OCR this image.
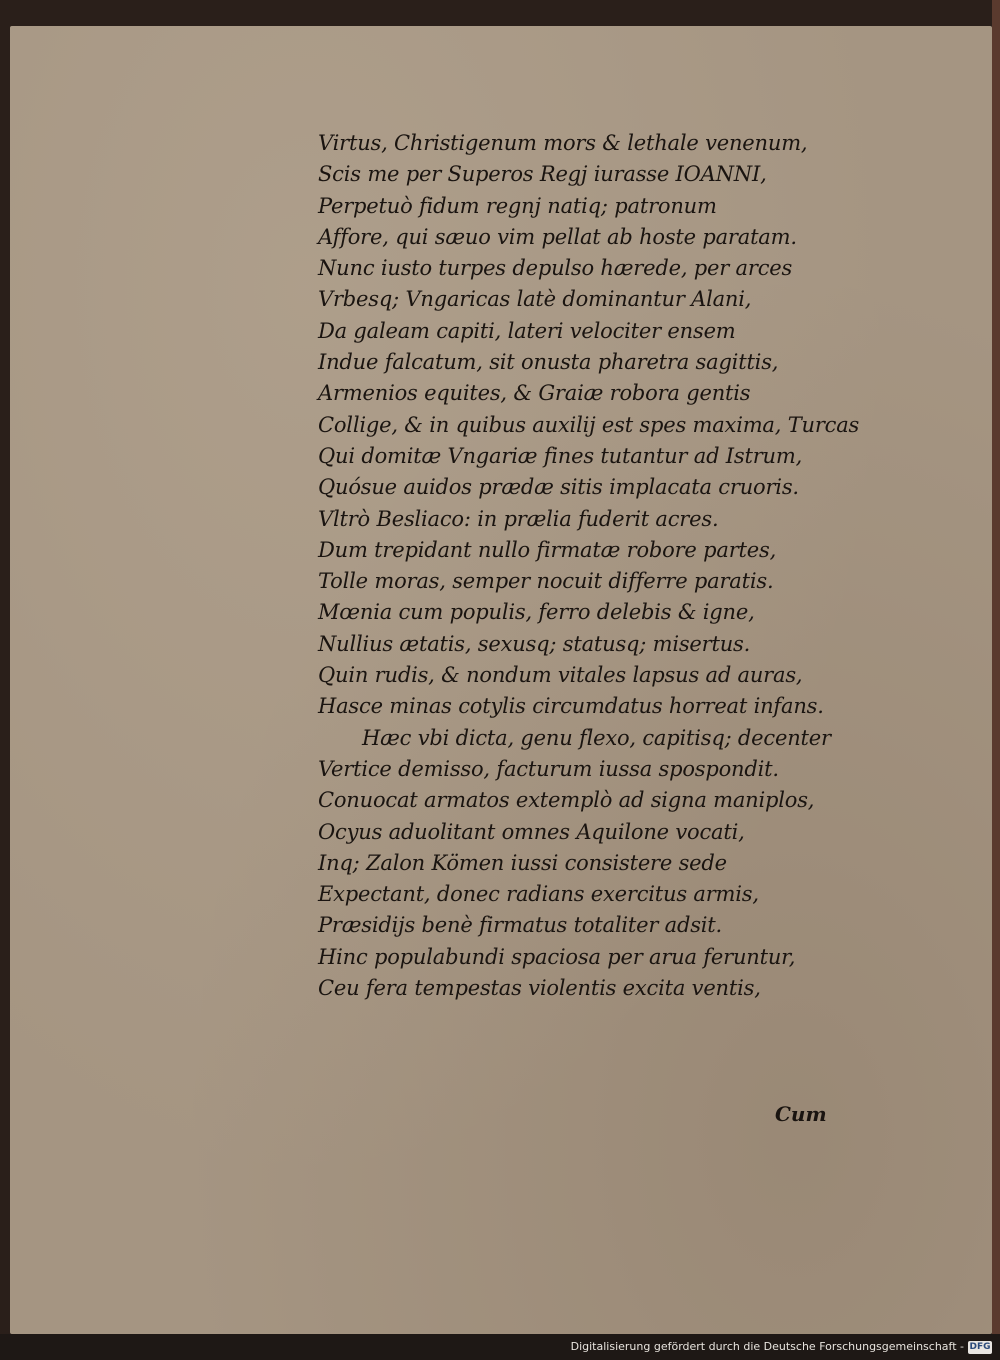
Virtus, Christigenum mors & lethale venenum,
Scis me per Superos Regj iurasse IOANNI,
Perpetuò fidum regnj natiq; patronum
Affore, qui sæuo vim pellat ab hoste paratam.
Nunc iusto turpes depulso hærede, per arces
Vrbesq; Vngaricas latè dominantur Alani,
Da galeam capiti, lateri velociter ensem
Indue falcatum, sit onusta pharetra sagittis,
Armenios equites, & Graiæ robora gentis
Collige, & in quibus auxilij est spes maxima, Turcas
Qui domitæ Vngariæ fines tutantur ad Istrum,
Quósue auidos prædæ sitis implacata cruoris.
Vltrò Besliaco: in prælia fuderit acres.
Dum trepidant nullo firmatæ robore partes,
Tolle moras, semper nocuit differre paratis.
Mœnia cum populis, ferro delebis & igne,
Nullius ætatis, sexusq; statusq; misertus.
Quin rudis, & nondum vitales lapsus ad auras,
Hasce minas cotylis circumdatus horreat infans.
Hæc vbi dicta, genu flexo, capitisq; decenter
Vertice demisso, facturum iussa spospondit.
Conuocat armatos extemplò ad signa maniplos,
Ocyus aduolitant omnes Aquilone vocati,
Inq; Zalon Kömen iussi consistere sede
Expectant, donec radians exercitus armis,
Præsidijs benè firmatus totaliter adsit.
Hinc populabundi spaciosa per arua feruntur,
Ceu fera tempestas violentis excita ventis,
Cum
Digitalisierung gefördert durch die Deutsche Forschungsgemeinschaft - DFG
